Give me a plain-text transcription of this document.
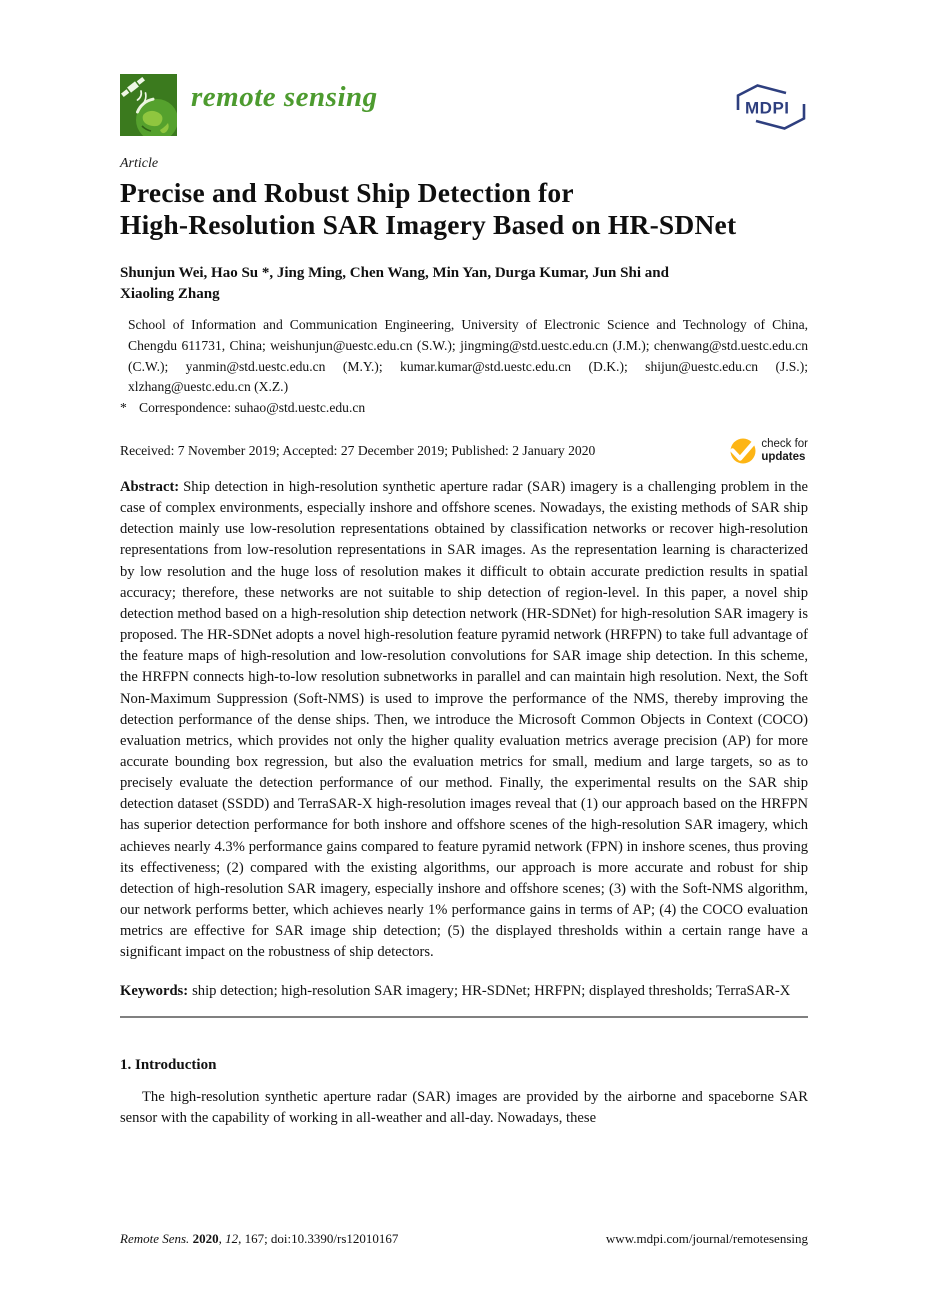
remote sensing	MDPI
Article
Precise and Robust Ship Detection for
High-Resolution SAR Imagery Based on HR-SDNet

Shunjun Wei, Hao Su *, Jing Ming, Chen Wang, Min Yan, Durga Kumar, Jun Shi and
Xiaoling Zhang

School of Information and Communication Engineering, University of Electronic Science and Technology of China, Chengdu 611731, China; weishunjun@uestc.edu.cn (S.W.); jingming@std.uestc.edu.cn (J.M.); chenwang@std.uestc.edu.cn (C.W.); yanmin@std.uestc.edu.cn (M.Y.); kumar.kumar@std.uestc.edu.cn (D.K.); shijun@uestc.edu.cn (J.S.); xlzhang@uestc.edu.cn (X.Z.)
* Correspondence: suhao@std.uestc.edu.cn
Received: 7 November 2019; Accepted: 27 December 2019; Published: 2 January 2020	check for
updates

Abstract: Ship detection in high-resolution synthetic aperture radar (SAR) imagery is a challenging problem in the case of complex environments, especially inshore and offshore scenes. Nowadays, the existing methods of SAR ship detection mainly use low-resolution representations obtained by classification networks or recover high-resolution representations from low-resolution representations in SAR images. As the representation learning is characterized by low resolution and the huge loss of resolution makes it difficult to obtain accurate prediction results in spatial accuracy; therefore, these networks are not suitable to ship detection of region-level. In this paper, a novel ship detection method based on a high-resolution ship detection network (HR-SDNet) for high-resolution SAR imagery is proposed. The HR-SDNet adopts a novel high-resolution feature pyramid network (HRFPN) to take full advantage of the feature maps of high-resolution and low-resolution convolutions for SAR image ship detection. In this scheme, the HRFPN connects high-to-low resolution subnetworks in parallel and can maintain high resolution. Next, the Soft Non-Maximum Suppression (Soft-NMS) is used to improve the performance of the NMS, thereby improving the detection performance of the dense ships. Then, we introduce the Microsoft Common Objects in Context (COCO) evaluation metrics, which provides not only the higher quality evaluation metrics average precision (AP) for more accurate bounding box regression, but also the evaluation metrics for small, medium and large targets, so as to precisely evaluate the detection performance of our method. Finally, the experimental results on the SAR ship detection dataset (SSDD) and TerraSAR-X high-resolution images reveal that (1) our approach based on the HRFPN has superior detection performance for both inshore and offshore scenes of the high-resolution SAR imagery, which achieves nearly 4.3% performance gains compared to feature pyramid network (FPN) in inshore scenes, thus proving its effectiveness; (2) compared with the existing algorithms, our approach is more accurate and robust for ship detection of high-resolution SAR imagery, especially inshore and offshore scenes; (3) with the Soft-NMS algorithm, our network performs better, which achieves nearly 1% performance gains in terms of AP; (4) the COCO evaluation metrics are effective for SAR image ship detection; (5) the displayed thresholds within a certain range have a significant impact on the robustness of ship detectors.

Keywords: ship detection; high-resolution SAR imagery; HR-SDNet; HRFPN; displayed thresholds; TerraSAR-X

1. Introduction

The high-resolution synthetic aperture radar (SAR) images are provided by the airborne and spaceborne SAR sensor with the capability of working in all-weather and all-day. Nowadays, these

Remote Sens. 2020, 12, 167; doi:10.3390/rs12010167	www.mdpi.com/journal/remotesensing
